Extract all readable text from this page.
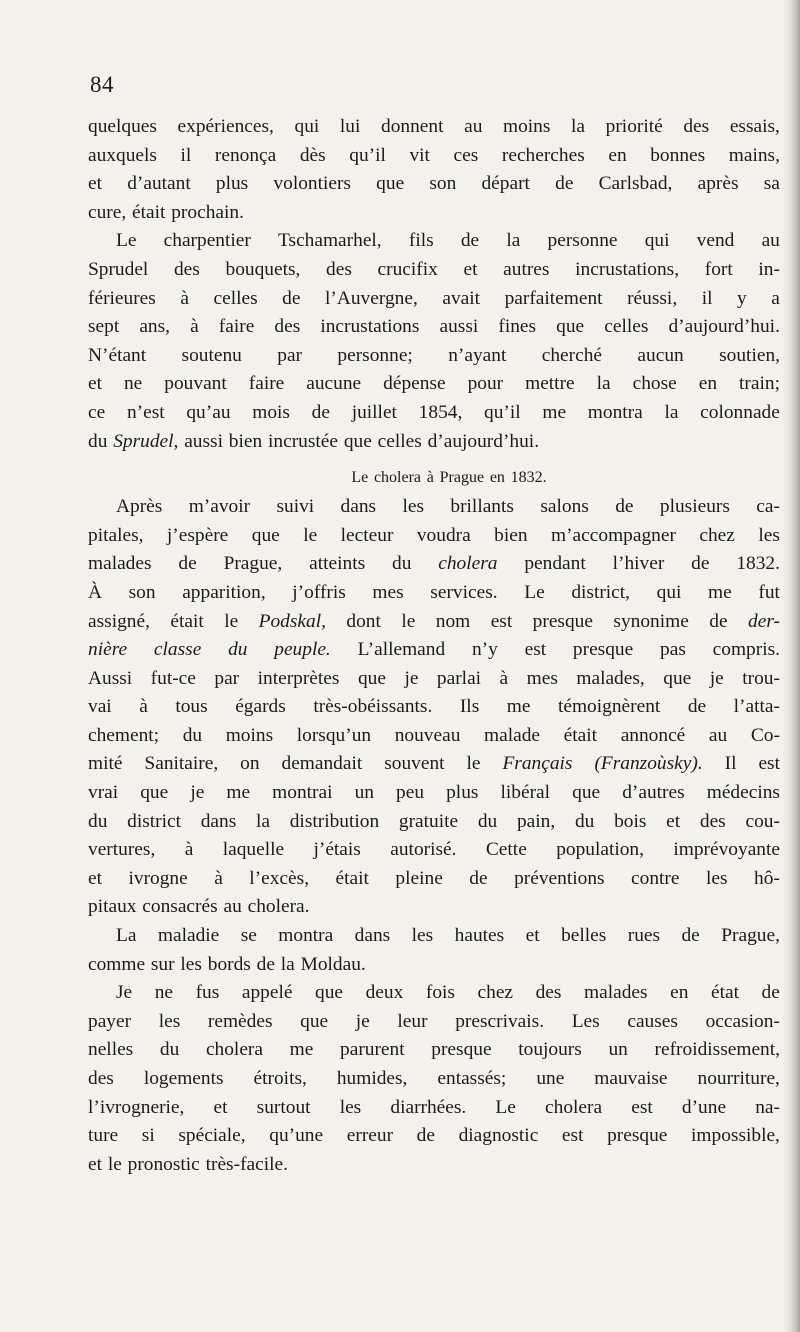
84
quelques expériences, qui lui donnent au moins la priorité des essais,
auxquels il renonça dès qu’il vit ces recherches en bonnes mains,
et d’autant plus volontiers que son départ de Carlsbad, après sa
cure, était prochain.
Le charpentier Tschamarhel, fils de la personne qui vend au
Sprudel des bouquets, des crucifix et autres incrustations, fort in-
férieures à celles de l’Auvergne, avait parfaitement réussi, il y a
sept ans, à faire des incrustations aussi fines que celles d’aujourd’hui.
N’étant soutenu par personne; n’ayant cherché aucun soutien,
et ne pouvant faire aucune dépense pour mettre la chose en train;
ce n’est qu’au mois de juillet 1854, qu’il me montra la colonnade
du Sprudel, aussi bien incrustée que celles d’aujourd’hui.
Le cholera à Prague en 1832.
Après m’avoir suivi dans les brillants salons de plusieurs ca-
pitales, j’espère que le lecteur voudra bien m’accompagner chez les
malades de Prague, atteints du cholera pendant l’hiver de 1832.
À son apparition, j’offris mes services. Le district, qui me fut
assigné, était le Podskal, dont le nom est presque synonime de der-
nière classe du peuple. L’allemand n’y est presque pas compris.
Aussi fut-ce par interprètes que je parlai à mes malades, que je trou-
vai à tous égards très-obéissants. Ils me témoignèrent de l’atta-
chement; du moins lorsqu’un nouveau malade était annoncé au Co-
mité Sanitaire, on demandait souvent le Français (Franzoùsky). Il est
vrai que je me montrai un peu plus libéral que d’autres médecins
du district dans la distribution gratuite du pain, du bois et des cou-
vertures, à laquelle j’étais autorisé. Cette population, imprévoyante
et ivrogne à l’excès, était pleine de préventions contre les hô-
pitaux consacrés au cholera.
La maladie se montra dans les hautes et belles rues de Prague,
comme sur les bords de la Moldau.
Je ne fus appelé que deux fois chez des malades en état de
payer les remèdes que je leur prescrivais. Les causes occasion-
nelles du cholera me parurent presque toujours un refroidissement,
des logements étroits, humides, entassés; une mauvaise nourriture,
l’ivrognerie, et surtout les diarrhées. Le cholera est d’une na-
ture si spéciale, qu’une erreur de diagnostic est presque impossible,
et le pronostic très-facile.
